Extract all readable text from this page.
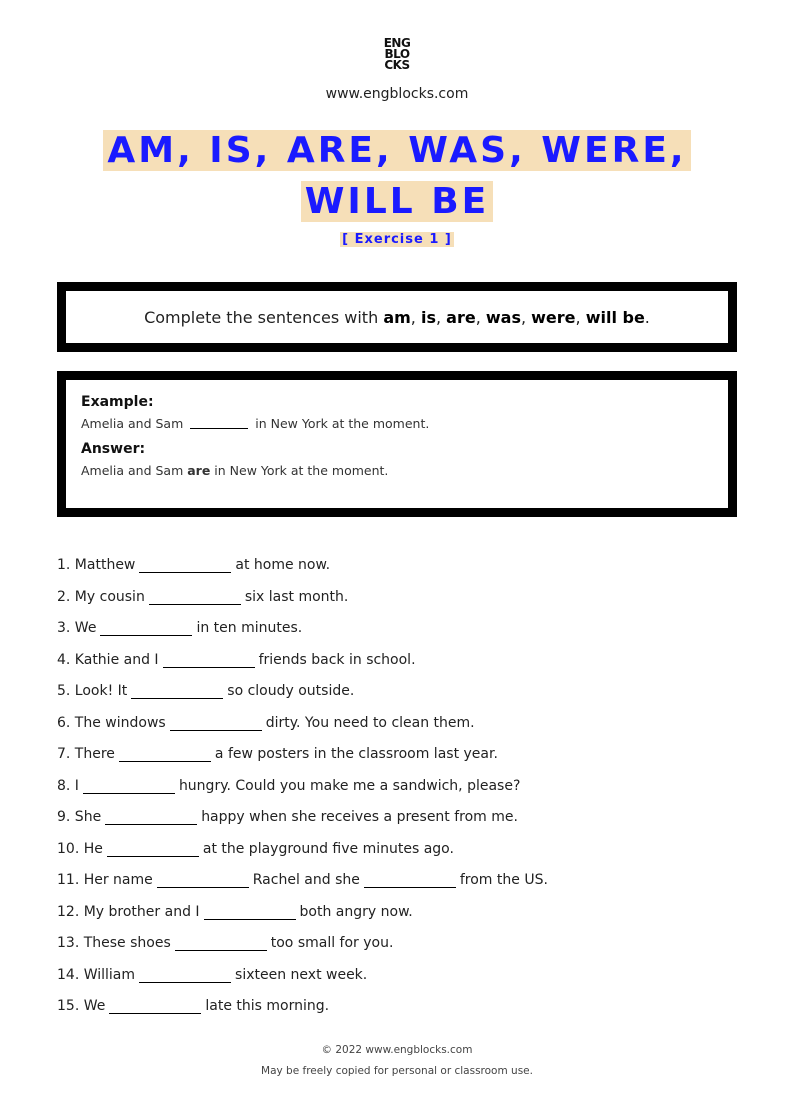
ENG
BLO
CKS
www.engblocks.com
AM, IS, ARE, WAS, WERE,
WILL BE
[ Exercise 1 ]
Complete the sentences with am, is, are, was, were, will be.

Example:

Amelia and Sam	in New York at the moment.

Answer:

Amelia and Sam are in New York at the moment.

1. Matthew	at home now.
2. My cousin	six last month.
3. We	in ten minutes.
4. Kathie and I	friends back in school.
5. Look! It	so cloudy outside.
6. The windows	dirty. You need to clean them.
7. There	a few posters in the classroom last year.
8. I	hungry. Could you make me a sandwich, please?
9. She	happy when she receives a present from me.
10. He	at the playground five minutes ago.
11. Her name	Rachel and she	from the US.
12. My brother and I	both angry now.
13. These shoes	too small for you.
14. William	sixteen next week.
15. We	late this morning.
© 2022 www.engblocks.com
May be freely copied for personal or classroom use.
